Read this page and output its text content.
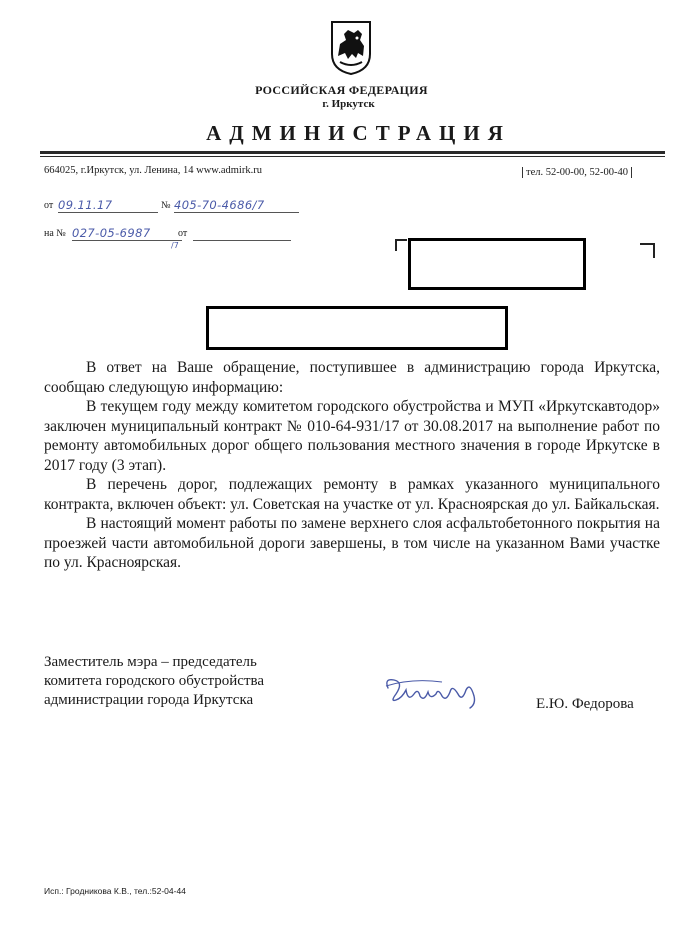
РОССИЙСКАЯ ФЕДЕРАЦИЯ
г. Иркутск
АДМИНИСТРАЦИЯ
664025, г.Иркутск, ул. Ленина, 14 www.admirk.ru	тел. 52-00-00, 52-00-40
от 09.11.17	№ 405-70-4686/7
на № 027-05-6987
/7
от

В ответ на Ваше обращение, поступившее в администрацию города Иркутска, сообщаю следующую информацию:

В текущем году между комитетом городского обустройства и МУП «Иркутскавтодор» заключен муниципальный контракт № 010-64-931/17 от 30.08.2017 на выполнение работ по ремонту автомобильных дорог общего пользования местного значения в городе Иркутске в 2017 году (3 этап).

В перечень дорог, подлежащих ремонту в рамках указанного муниципального контракта, включен объект: ул. Советская на участке от ул. Красноярская до ул. Байкальская.

В настоящий момент работы по замене верхнего слоя асфальтобетонного покрытия на проезжей части автомобильной дороги завершены, в том числе на указанном Вами участке по ул. Красноярская.

Заместитель мэра – председатель
комитета городского обустройства
администрации города Иркутска	Е.Ю. Федорова
Исп.: Гродникова К.В., тел.:52-04-44
